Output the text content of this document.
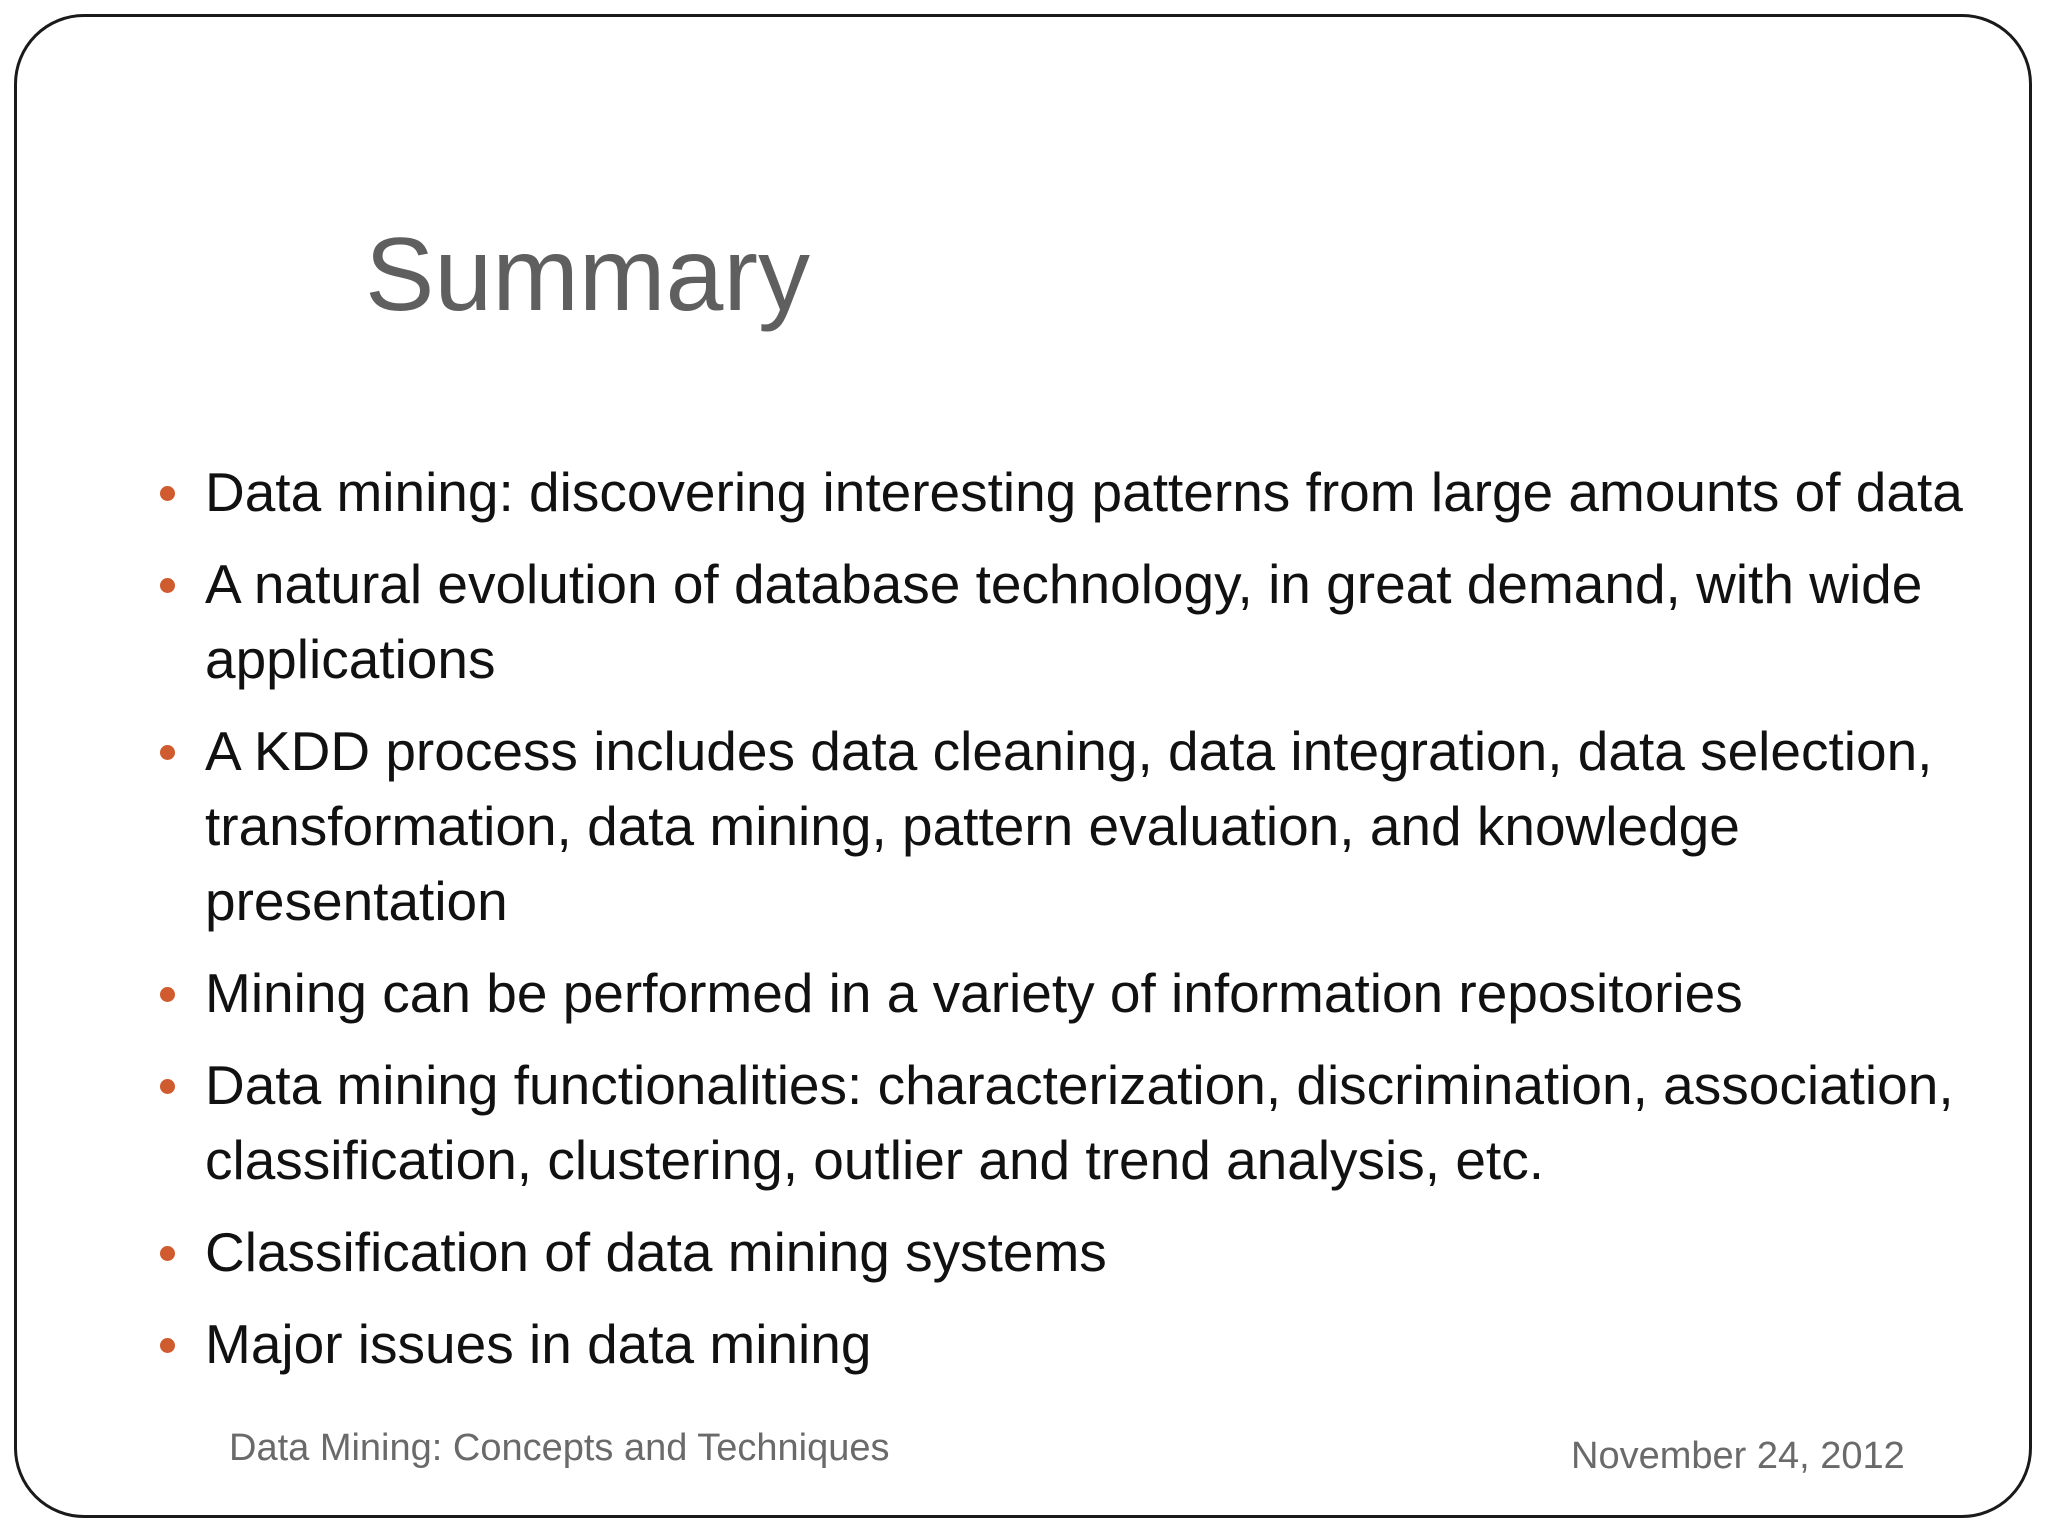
Summary
Data mining: discovering interesting patterns from large amounts of data
A natural evolution of database technology, in great demand, with wide applications
A KDD process includes data cleaning, data integration, data selection, transformation, data mining, pattern evaluation, and knowledge presentation
Mining can be performed in a variety of information repositories
Data mining functionalities: characterization, discrimination, association, classification, clustering, outlier and trend analysis, etc.
Classification of data mining systems
Major issues in data mining
Data Mining: Concepts and Techniques	November 24, 2012
